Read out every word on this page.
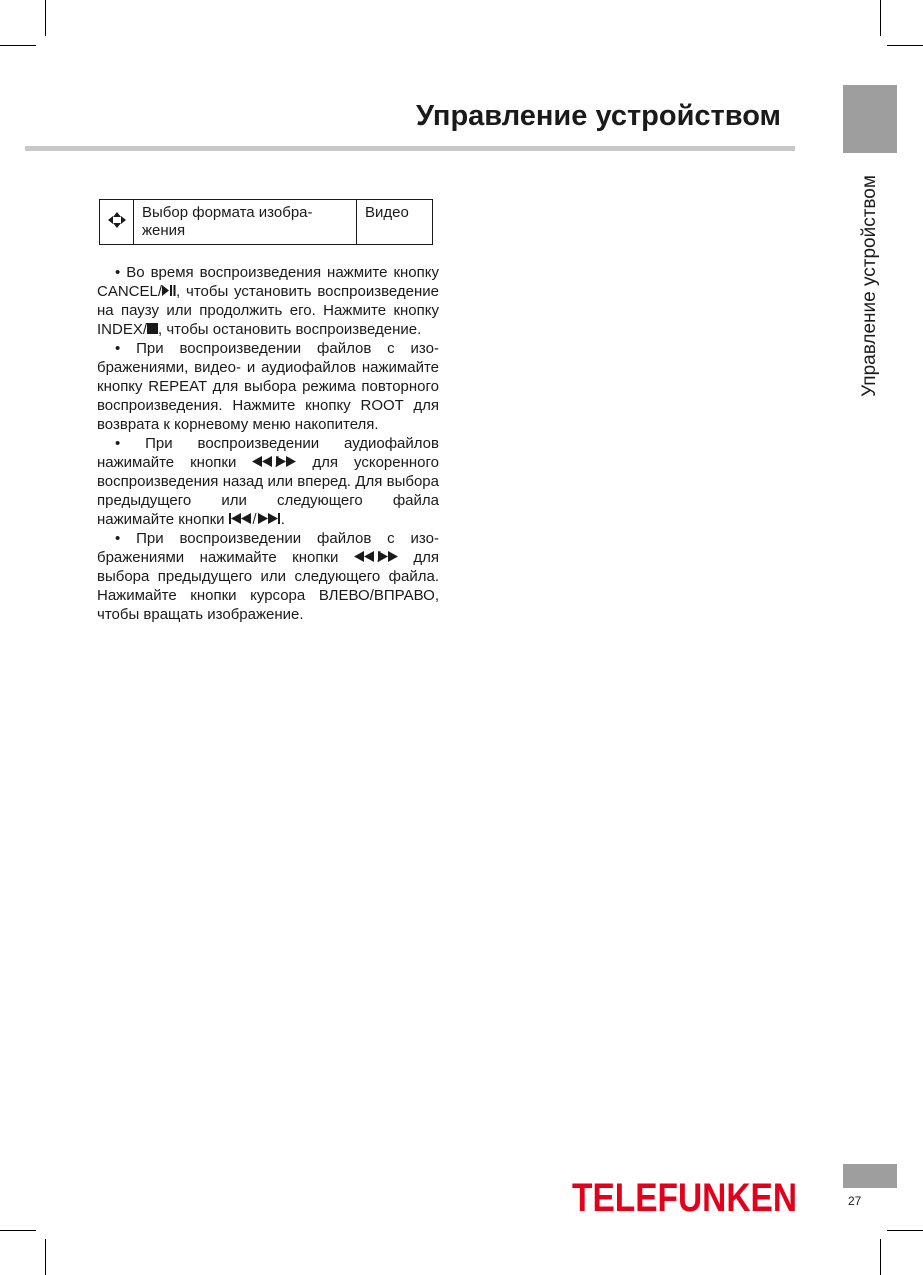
Управление устройством
Управление устройством

Выбор формата изобра-
жения
	Видео

• Во время воспроизведения нажмите кнопку CANCEL/ , чтобы установить воспроизведение на паузу или продолжить его. Нажмите кнопку INDEX/ , чтобы остановить воспроизведение.

• При воспроизведении файлов с изображениями, видео- и аудиофайлов нажимайте кнопку REPEAT для выбора режима повторного воспроизведения. Нажмите кнопку ROOT для возврата к корневому меню накопителя.

• При воспроизведении аудиофайлов нажимайте кнопки	для ускоренного воспроизведения назад или вперед. Для выбора предыдущего или следующего файла нажимайте кнопки	.

• При воспроизведении файлов с изображениями нажимайте кнопки	для выбора предыдущего или следующего файла. Нажимайте кнопки курсора ВЛЕВО/ВПРАВО, чтобы вращать изображение.

TELEFUNKEN	27
